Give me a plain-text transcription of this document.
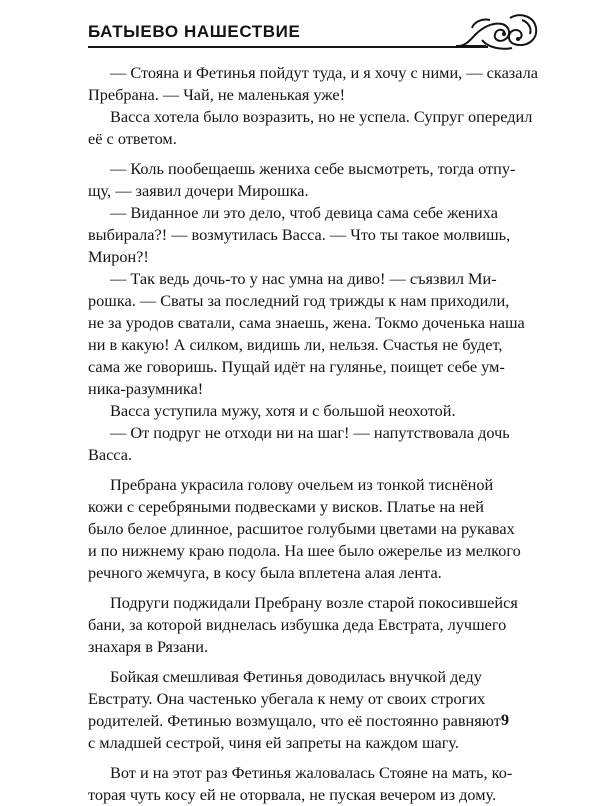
БАТЫЕВО НАШЕСТВИЕ

— Стояна и Фетинья пойдут туда, и я хочу с ними, — сказала
Пребрана. — Чай, не маленькая уже!

Васса хотела было возразить, но не успела. Супруг опередил
её с ответом.

— Коль пообещаешь жениха себе высмотреть, тогда отпу-
щу, — заявил дочери Мирошка.

— Виданное ли это дело, чтоб девица сама себе жениха
выбирала?! — возмутилась Васса. — Что ты такое молвишь,
Мирон?!

— Так ведь дочь-то у нас умна на диво! — съязвил Ми-
рошка. — Сваты за последний год трижды к нам приходили,
не за уродов сватали, сама знаешь, жена. Токмо доченька наша
ни в какую! А силком, видишь ли, нельзя. Счастья не будет,
сама же говоришь. Пущай идёт на гулянье, поищет себе ум-
ника-разумника!

Васса уступила мужу, хотя и с большой неохотой.

— От подруг не отходи ни на шаг! — напутствовала дочь
Васса.

Пребрана украсила голову очельем из тонкой тиснёной
кожи с серебряными подвесками у висков. Платье на ней
было белое длинное, расшитое голубыми цветами на рукавах
и по нижнему краю подола. На шее было ожерелье из мелкого
речного жемчуга, в косу была вплетена алая лента.

Подруги поджидали Пребрану возле старой покосившейся
бани, за которой виднелась избушка деда Евстрата, лучшего
знахаря в Рязани.

Бойкая смешливая Фетинья доводилась внучкой деду
Евстрату. Она частенько убегала к нему от своих строгих
родителей. Фетинью возмущало, что её постоянно равняют
с младшей сестрой, чиня ей запреты на каждом шагу.

Вот и на этот раз Фетинья жаловалась Стояне на мать, ко-
торая чуть косу ей не оторвала, не пуская вечером из дому.

9
